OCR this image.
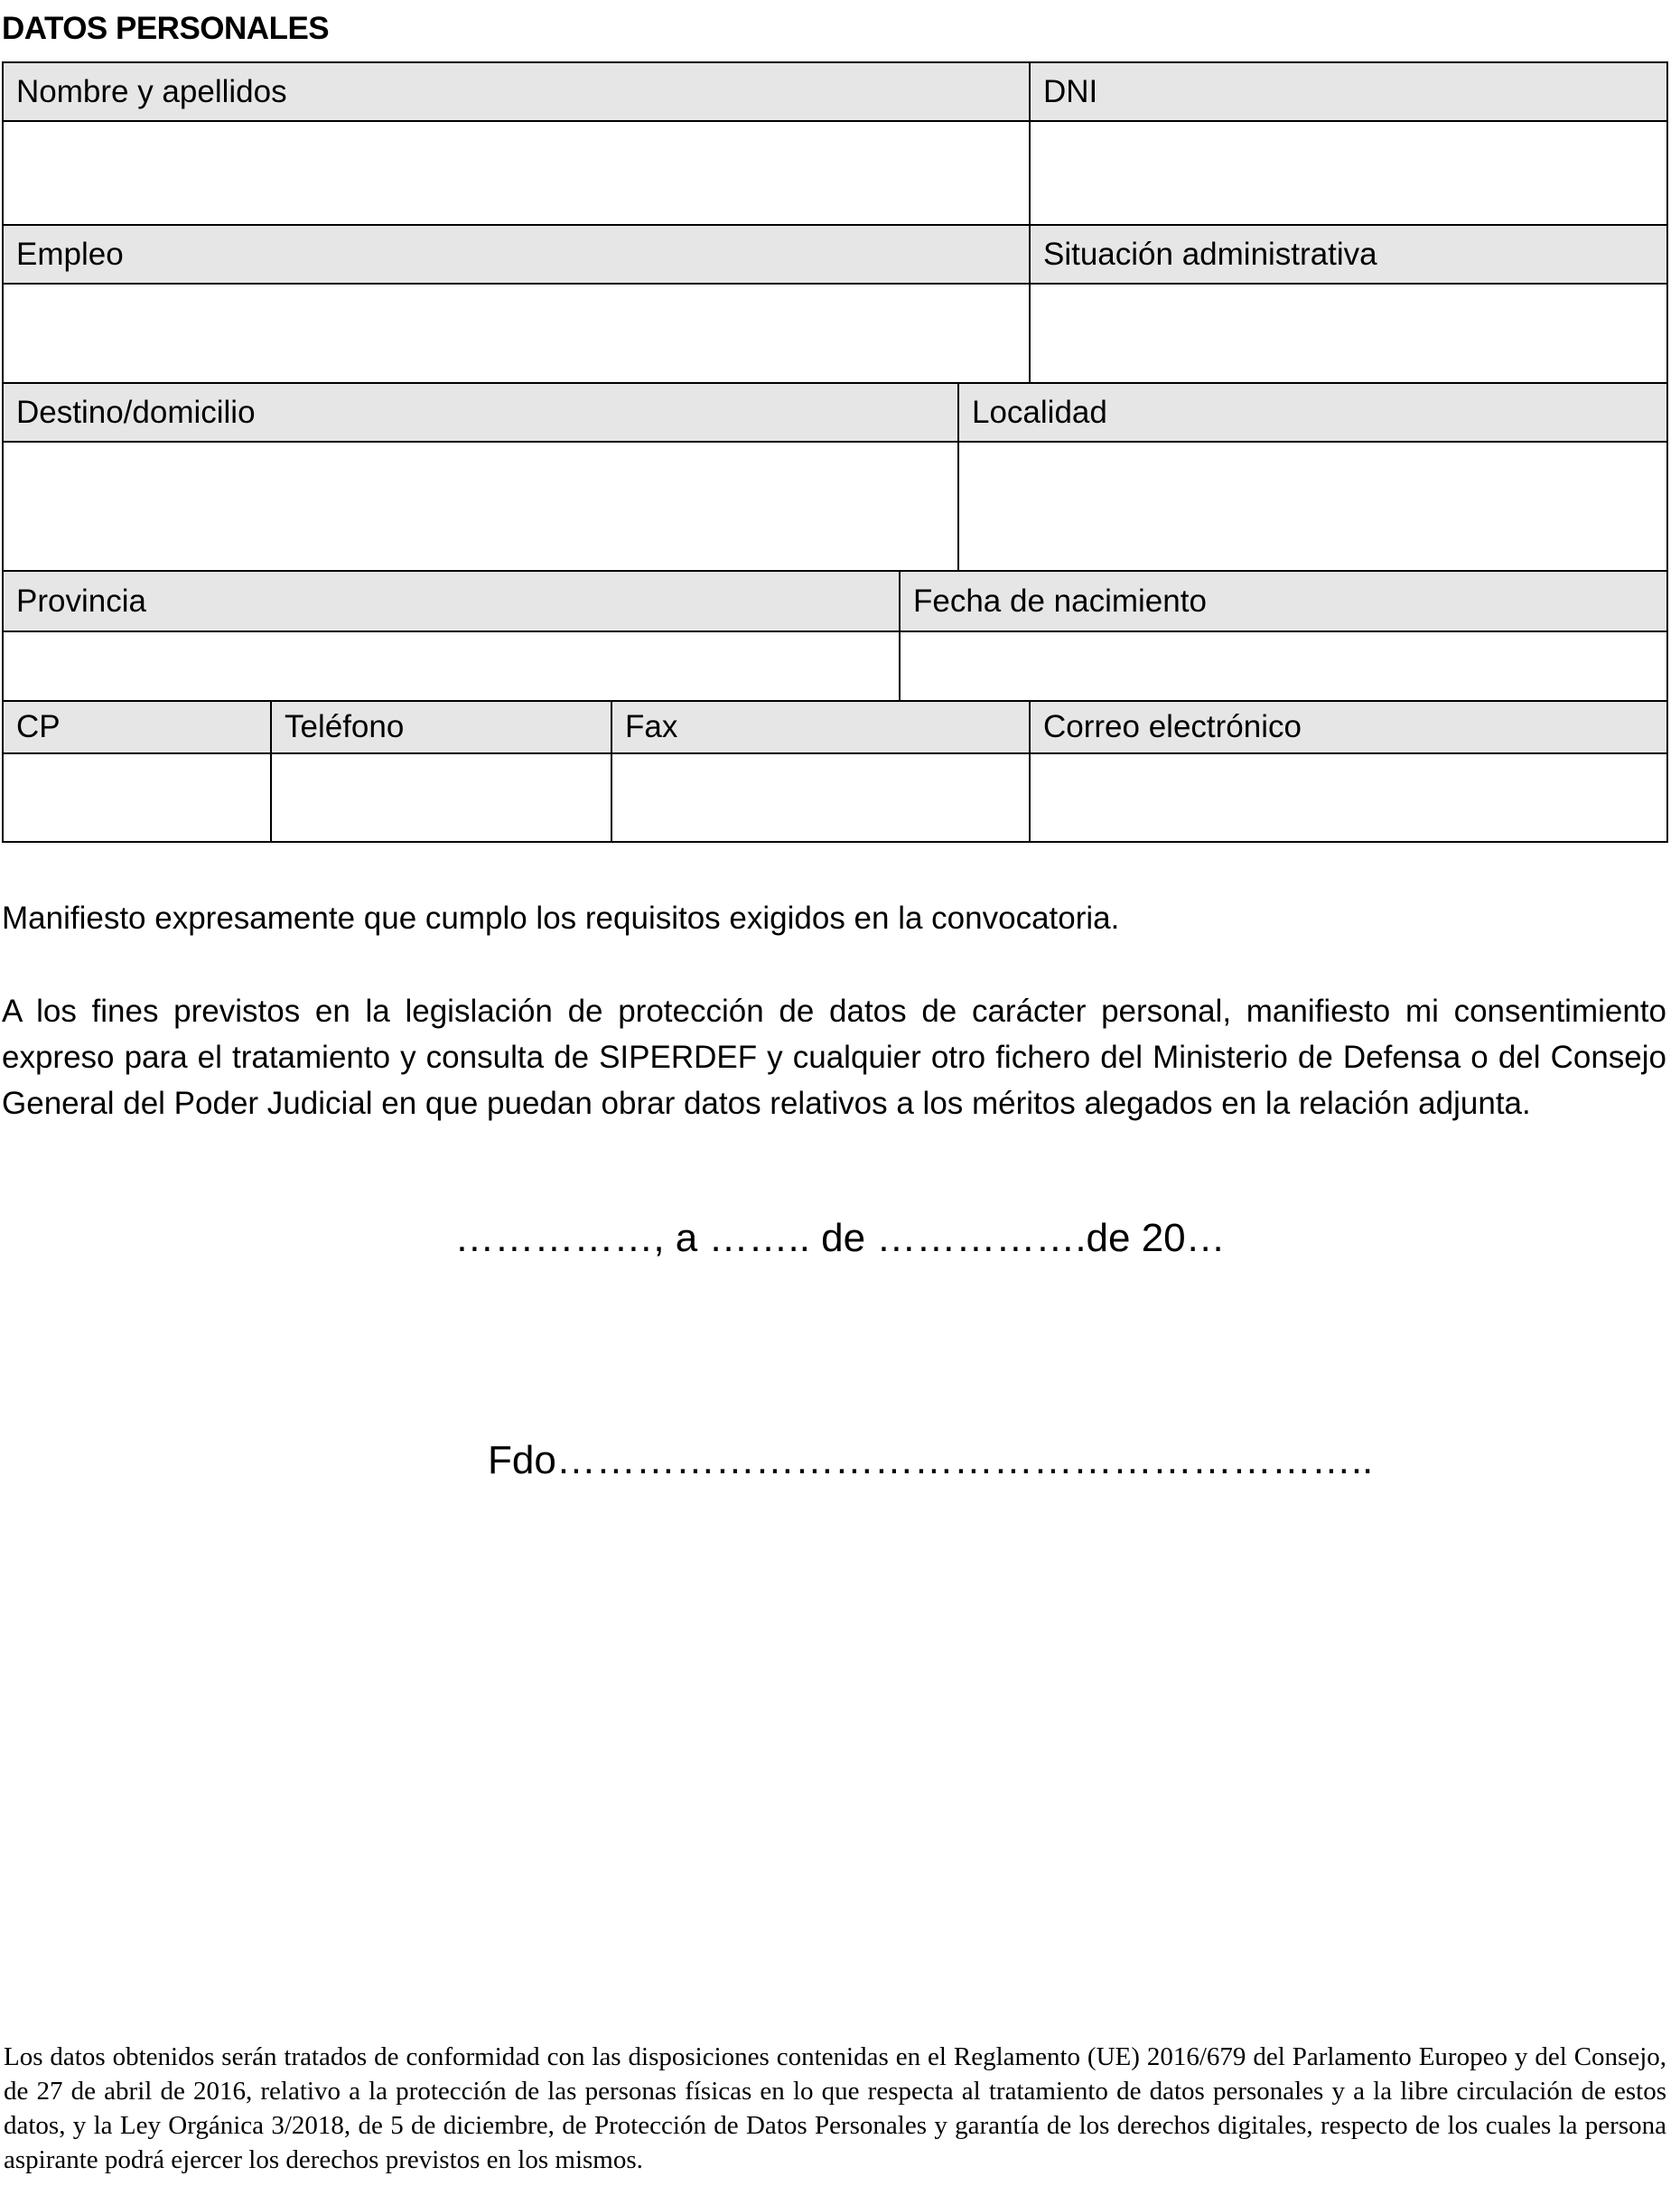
DATOS PERSONALES
Nombre y apellidos	DNI
Empleo	Situación administrativa
Destino/domicilio	Localidad
Provincia	Fecha de nacimiento
CP	Teléfono	Fax	Correo electrónico
Manifiesto expresamente que cumplo los requisitos exigidos en la convocatoria.
A los fines previstos en la legislación de protección de datos de carácter personal, manifiesto mi consentimiento expreso para el tratamiento y consulta de SIPERDEF y cualquier otro fichero del Ministerio de Defensa o del Consejo General del Poder Judicial en que puedan obrar datos relativos a los méritos alegados en la relación adjunta.
……………, a …….. de …………….de 20…
Fdo……………………………………………………..
Los datos obtenidos serán tratados de conformidad con las disposiciones contenidas en el Reglamento (UE) 2016/679 del Parlamento Europeo y del Consejo, de 27 de abril de 2016, relativo a la protección de las personas físicas en lo que respecta al tratamiento de datos personales y a la libre circulación de estos datos, y la Ley Orgánica 3/2018, de 5 de diciembre, de Protección de Datos Personales y garantía de los derechos digitales, respecto de los cuales la persona aspirante podrá ejercer los derechos previstos en los mismos.
